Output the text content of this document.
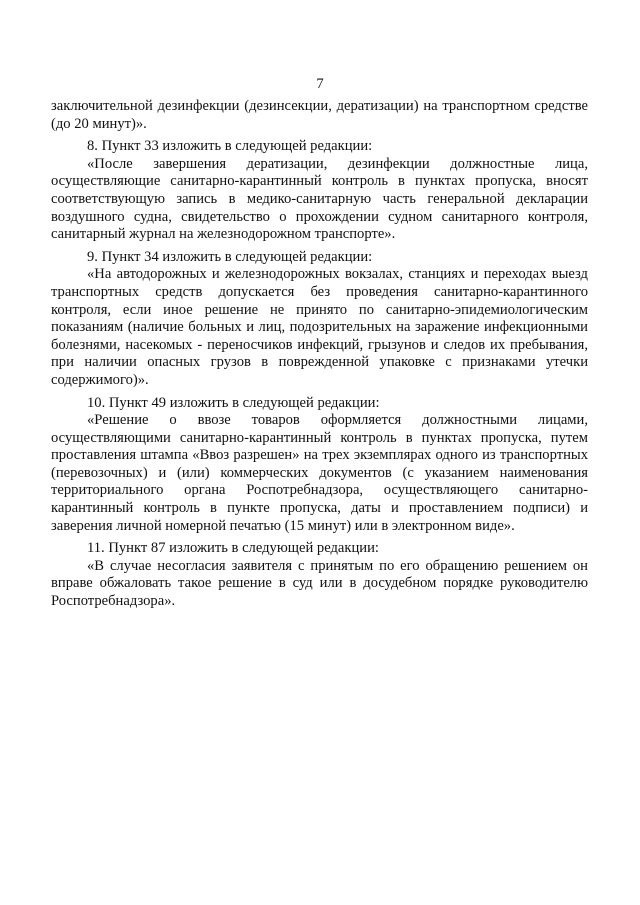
7

заключительной дезинфекции (дезинсекции, дератизации) на транспортном средстве (до 20 минут)».

8. Пункт 33 изложить в следующей редакции:

«После завершения дератизации, дезинфекции должностные лица, осуществляющие санитарно-карантинный контроль в пунктах пропуска, вносят соответствующую запись в медико-санитарную часть генеральной декларации воздушного судна, свидетельство о прохождении судном санитарного контроля, санитарный журнал на железнодорожном транспорте».

9. Пункт 34 изложить в следующей редакции:

«На автодорожных и железнодорожных вокзалах, станциях и переходах выезд транспортных средств допускается без проведения санитарно-карантинного контроля, если иное решение не принято по санитарно-эпидемиологическим показаниям (наличие больных и лиц, подозрительных на заражение инфекционными болезнями, насекомых - переносчиков инфекций, грызунов и следов их пребывания, при наличии опасных грузов в поврежденной упаковке с признаками утечки содержимого)».

10. Пункт 49 изложить в следующей редакции:

«Решение о ввозе товаров оформляется должностными лицами, осуществляющими санитарно-карантинный контроль в пунктах пропуска, путем проставления штампа «Ввоз разрешен» на трех экземплярах одного из транспортных (перевозочных) и (или) коммерческих документов (с указанием наименования территориального органа Роспотребнадзора, осуществляющего санитарно-карантинный контроль в пункте пропуска, даты и проставлением подписи) и заверения личной номерной печатью (15 минут) или в электронном виде».

11. Пункт 87 изложить в следующей редакции:

«В случае несогласия заявителя с принятым по его обращению решением он вправе обжаловать такое решение в суд или в досудебном порядке руководителю Роспотребнадзора».
